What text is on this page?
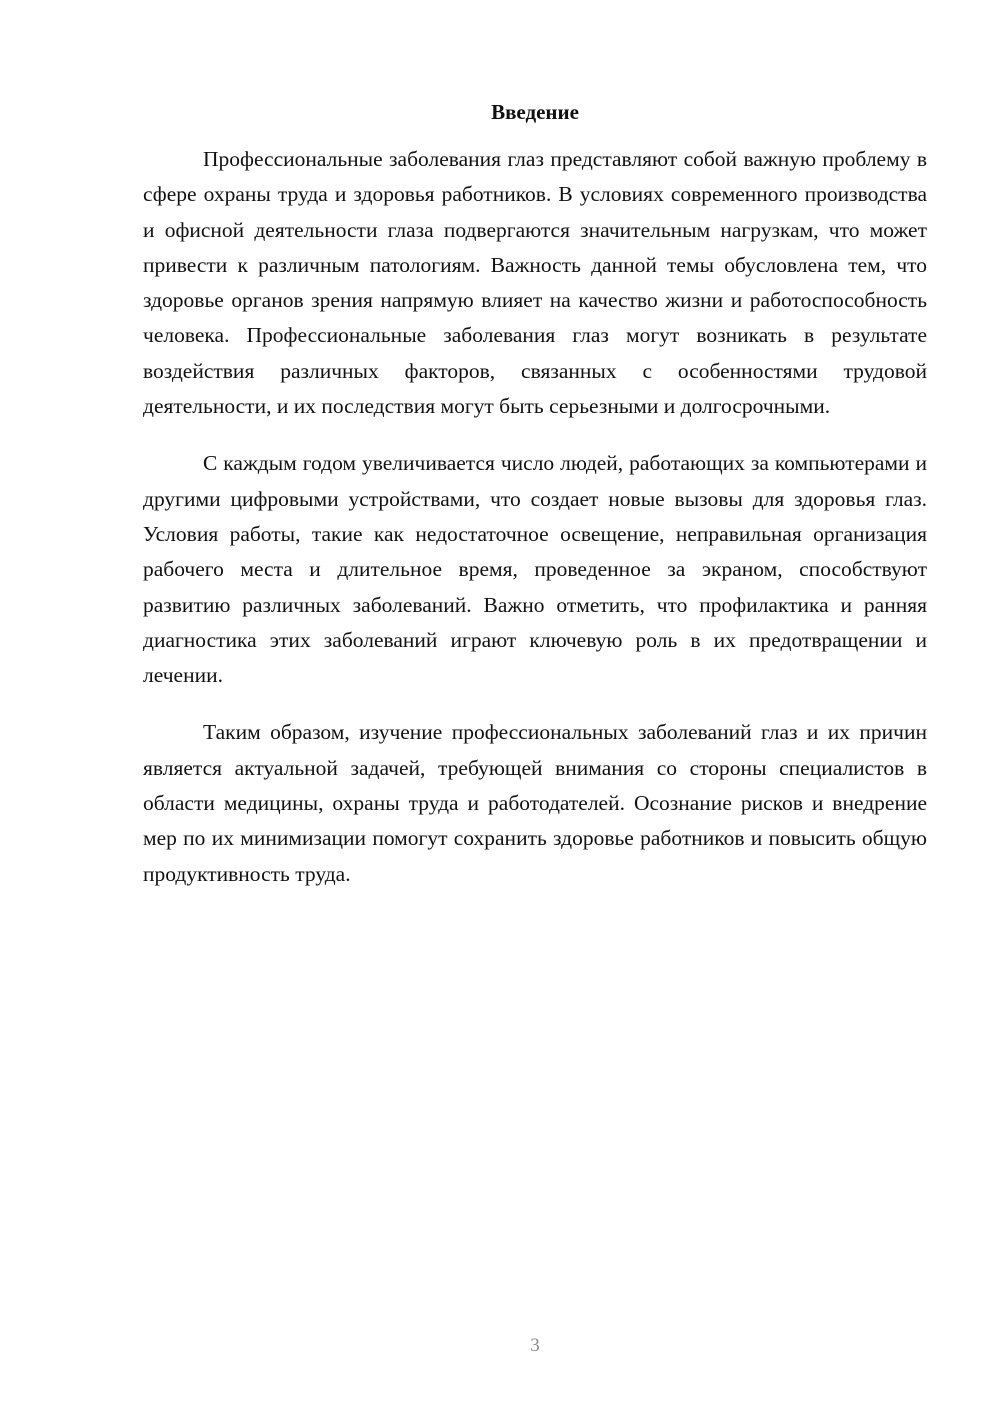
Введение

Профессиональные заболевания глаз представляют собой важную проблему в сфере охраны труда и здоровья работников. В условиях современного производства и офисной деятельности глаза подвергаются значительным нагрузкам, что может привести к различным патологиям. Важность данной темы обусловлена тем, что здоровье органов зрения напрямую влияет на качество жизни и работоспособность человека. Профессиональные заболевания глаз могут возникать в результате воздействия различных факторов, связанных с особенностями трудовой деятельности, и их последствия могут быть серьезными и долгосрочными.

С каждым годом увеличивается число людей, работающих за компьютерами и другими цифровыми устройствами, что создает новые вызовы для здоровья глаз. Условия работы, такие как недостаточное освещение, неправильная организация рабочего места и длительное время, проведенное за экраном, способствуют развитию различных заболеваний. Важно отметить, что профилактика и ранняя диагностика этих заболеваний играют ключевую роль в их предотвращении и лечении.

Таким образом, изучение профессиональных заболеваний глаз и их причин является актуальной задачей, требующей внимания со стороны специалистов в области медицины, охраны труда и работодателей. Осознание рисков и внедрение мер по их минимизации помогут сохранить здоровье работников и повысить общую продуктивность труда.

3
